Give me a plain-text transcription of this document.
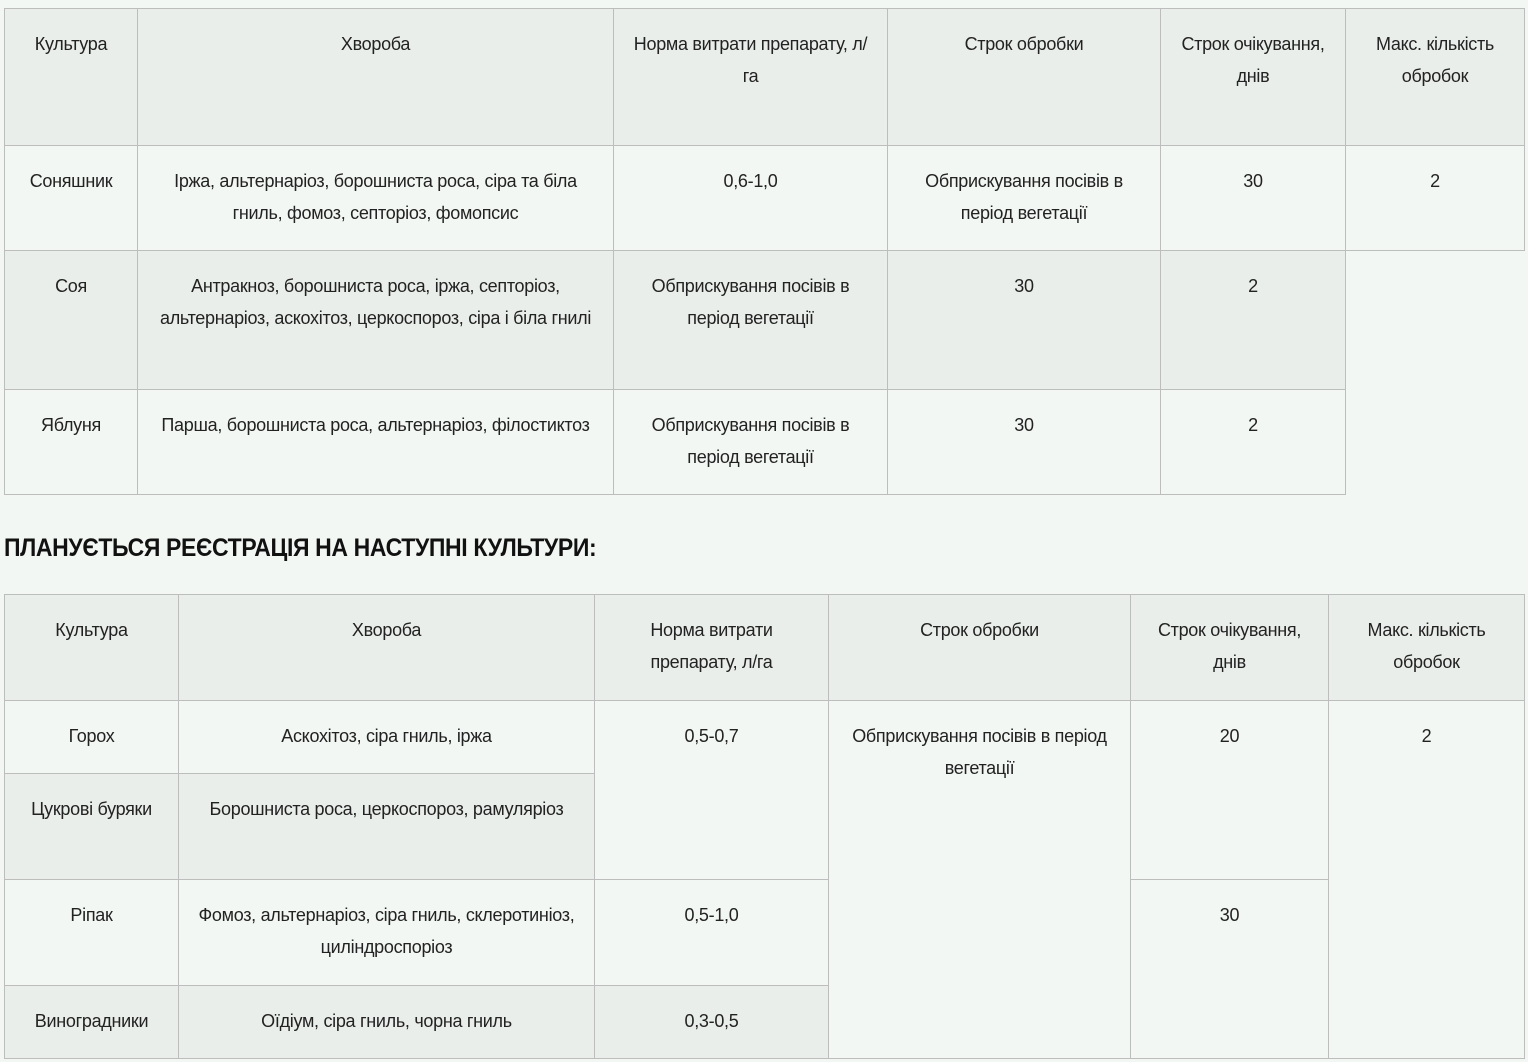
Культура	Хвороба	Норма витрати препарату, л/га	Строк обробки	Строк очікування, днів	Макс. кількість обробок
Соняшник	Іржа, альтернаріоз, борошниста роса, сіра та біла гниль, фомоз, септоріоз, фомопсис	0,6-1,0	Обприскування посівів в період вегетації	30	2
Соя	Антракноз, борошниста роса, іржа, септоріоз, альтернаріоз, аскохітоз, церкоспороз, сіра і біла гнилі	Обприскування посівів в період вегетації	30	2	
Яблуня	Парша, борошниста роса, альтернаріоз, філостиктоз	Обприскування посівів в період вегетації	30	2	
ПЛАНУЄТЬСЯ РЕЄСТРАЦІЯ НА НАСТУПНІ КУЛЬТУРИ:
Культура	Хвороба	Норма витрати препарату, л/га	Строк обробки	Строк очікування, днів	Макс. кількість обробок
Горох	Аскохітоз, сіра гниль, іржа	0,5-0,7	Обприскування посівів в період вегетації	20	2
Цукрові буряки	Борошниста роса, церкоспороз, рамуляріоз				
Ріпак	Фомоз, альтернаріоз, сіра гниль, склеротиніоз, циліндроспоріоз	0,5-1,0		30	
Виноградники	Оїдіум, сіра гниль, чорна гниль	0,3-0,5			
